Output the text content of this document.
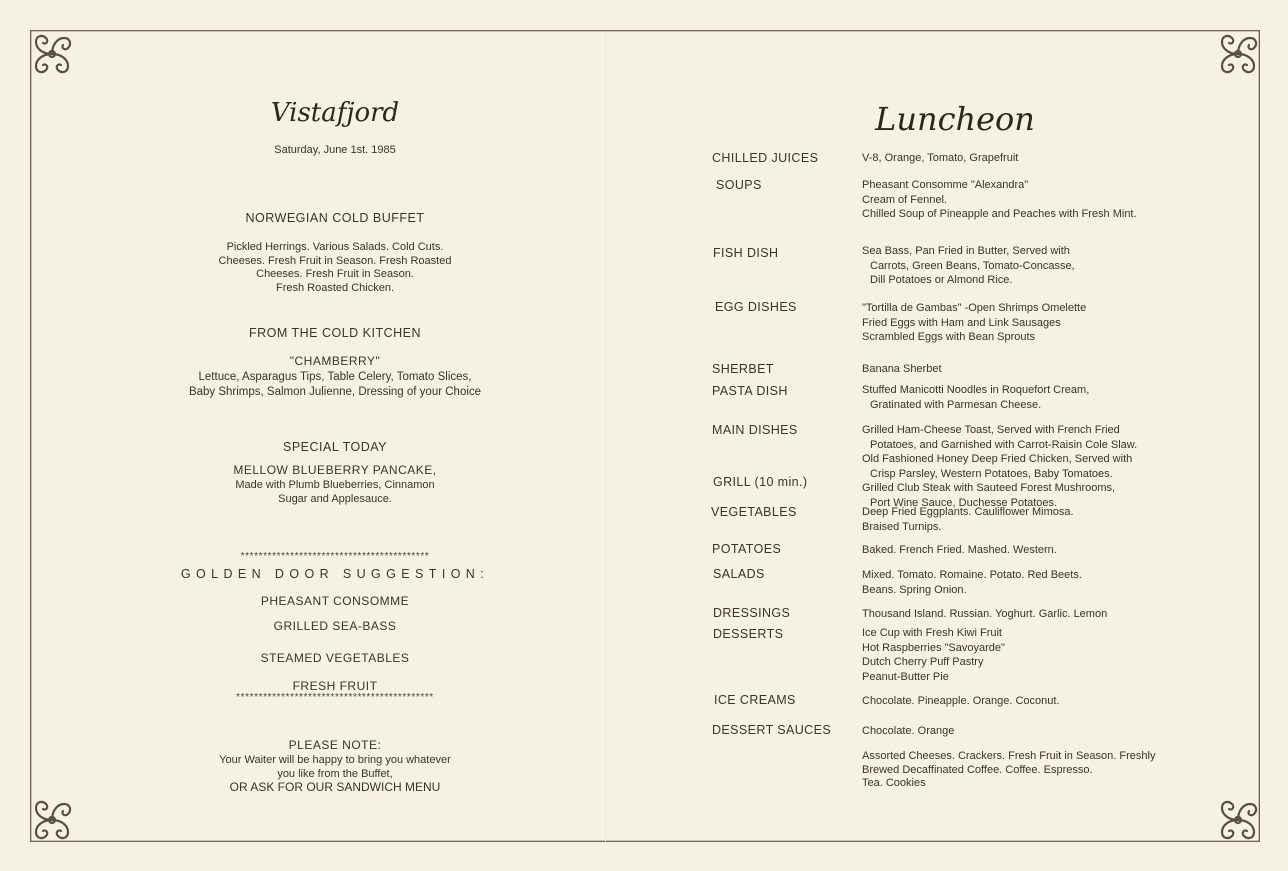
Vistafjord
Saturday, June 1st. 1985
NORWEGIAN COLD BUFFET
Pickled Herrings. Various Salads. Cold Cuts.
Cheeses. Fresh Fruit in Season. Fresh Roasted
Cheeses. Fresh Fruit in Season.
Fresh Roasted Chicken.
FROM THE COLD KITCHEN
"CHAMBERRY"
Lettuce, Asparagus Tips, Table Celery, Tomato Slices,
Baby Shrimps, Salmon Julienne, Dressing of your Choice
SPECIAL TODAY
MELLOW BLUEBERRY PANCAKE,
Made with Plumb Blueberries, Cinnamon
Sugar and Applesauce.
******************************************
GOLDEN DOOR SUGGESTION:
PHEASANT CONSOMME
GRILLED SEA-BASS
STEAMED VEGETABLES
FRESH FRUIT
********************************************
PLEASE NOTE:
Your Waiter will be happy to bring you whatever
you like from the Buffet,
OR ASK FOR OUR SANDWICH MENU
Luncheon
CHILLED JUICES
SOUPS
FISH DISH
EGG DISHES
SHERBET
PASTA DISH
MAIN DISHES
GRILL (10 min.)
VEGETABLES
POTATOES
SALADS
DRESSINGS
DESSERTS
ICE CREAMS
DESSERT SAUCES
V-8, Orange, Tomato, Grapefruit
Pheasant Consomme "Alexandra"
Cream of Fennel.
Chilled Soup of Pineapple and Peaches with Fresh Mint.
Sea Bass, Pan Fried in Butter, Served with
Carrots, Green Beans, Tomato-Concasse,
Dill Potatoes or Almond Rice.
"Tortilla de Gambas" -Open Shrimps Omelette
Fried Eggs with Ham and Link Sausages
Scrambled Eggs with Bean Sprouts
Banana Sherbet
Stuffed Manicotti Noodles in Roquefort Cream,
Gratinated with Parmesan Cheese.
Grilled Ham-Cheese Toast, Served with French Fried
Potatoes, and Garnished with Carrot-Raisin Cole Slaw.
Old Fashioned Honey Deep Fried Chicken, Served with
Crisp Parsley, Western Potatoes, Baby Tomatoes.
Grilled Club Steak with Sauteed Forest Mushrooms,
Port Wine Sauce, Duchesse Potatoes.
Deep Fried Eggplants. Cauliflower Mimosa.
Braised Turnips.
Baked. French Fried. Mashed. Western.
Mixed. Tomato. Romaine. Potato. Red Beets.
Beans. Spring Onion.
Thousand Island. Russian. Yoghurt. Garlic. Lemon
Ice Cup with Fresh Kiwi Fruit
Hot Raspberries "Savoyarde"
Dutch Cherry Puff Pastry
Peanut-Butter Pie
Chocolate. Pineapple. Orange. Coconut.
Chocolate. Orange
Assorted Cheeses. Crackers. Fresh Fruit in Season. Freshly
Brewed Decaffinated Coffee. Coffee. Espresso.
Tea. Cookies
